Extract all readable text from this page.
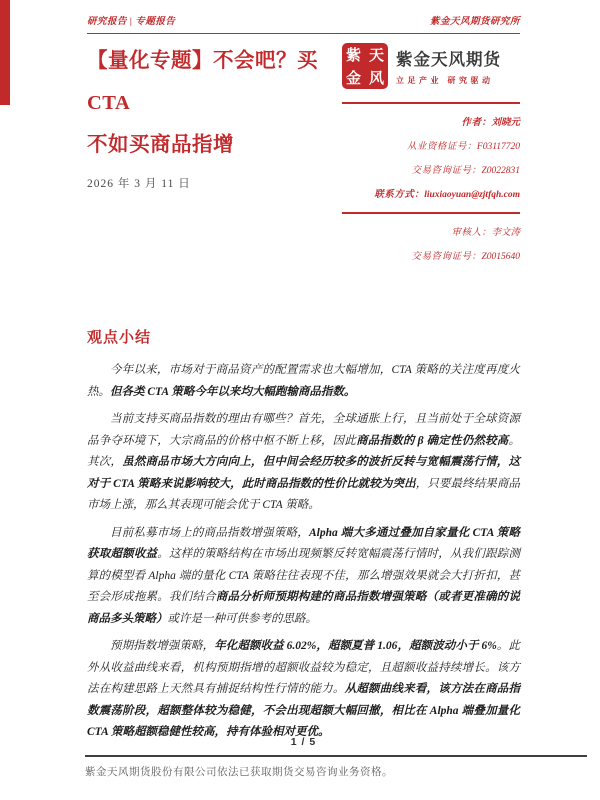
研究报告 | 专题报告	紫金天风期货研究所
【量化专题】不会吧？买 CTA
不如买商品指增
2026 年 3 月 11 日
紫 天
金 风
紫金天风期货
立足产业 研究驱动
作者：刘晓元
从业资格证号：F03117720
交易咨询证号：Z0022831
联系方式：liuxiaoyuan@zjtfqh.com
审核人：李文涛
交易咨询证号：Z0015640
观点小结

今年以来，市场对于商品资产的配置需求也大幅增加，CTA 策略的关注度再度火热。但各类 CTA 策略今年以来均大幅跑输商品指数。

当前支持买商品指数的理由有哪些？首先，全球通胀上行，且当前处于全球资源品争夺环境下，大宗商品的价格中枢不断上移，因此商品指数的 β 确定性仍然较高。其次，虽然商品市场大方向向上，但中间会经历较多的波折反转与宽幅震荡行情，这对于 CTA 策略来说影响较大，此时商品指数的性价比就较为突出，只要最终结果商品市场上涨，那么其表现可能会优于 CTA 策略。

目前私募市场上的商品指数增强策略，Alpha 端大多通过叠加自家量化 CTA 策略获取超额收益。这样的策略结构在市场出现频繁反转宽幅震荡行情时，从我们跟踪测算的模型看 Alpha 端的量化 CTA 策略往往表现不佳，那么增强效果就会大打折扣，甚至会形成拖累。我们结合商品分析师预期构建的商品指数增强策略（或者更准确的说商品多头策略）或许是一种可供参考的思路。

预期指数增强策略，年化超额收益 6.02%，超额夏普 1.06，超额波动小于 6%。此外从收益曲线来看，机构预期指增的超额收益较为稳定，且超额收益持续增长。该方法在构建思路上天然具有捕捉结构性行情的能力。从超额曲线来看，该方法在商品指数震荡阶段，超额整体较为稳健，不会出现超额大幅回撤，相比在 Alpha 端叠加量化 CTA 策略超额稳健性较高，持有体验相对更优。

1 / 5
紫金天风期货股份有限公司依法已获取期货交易咨询业务资格。
